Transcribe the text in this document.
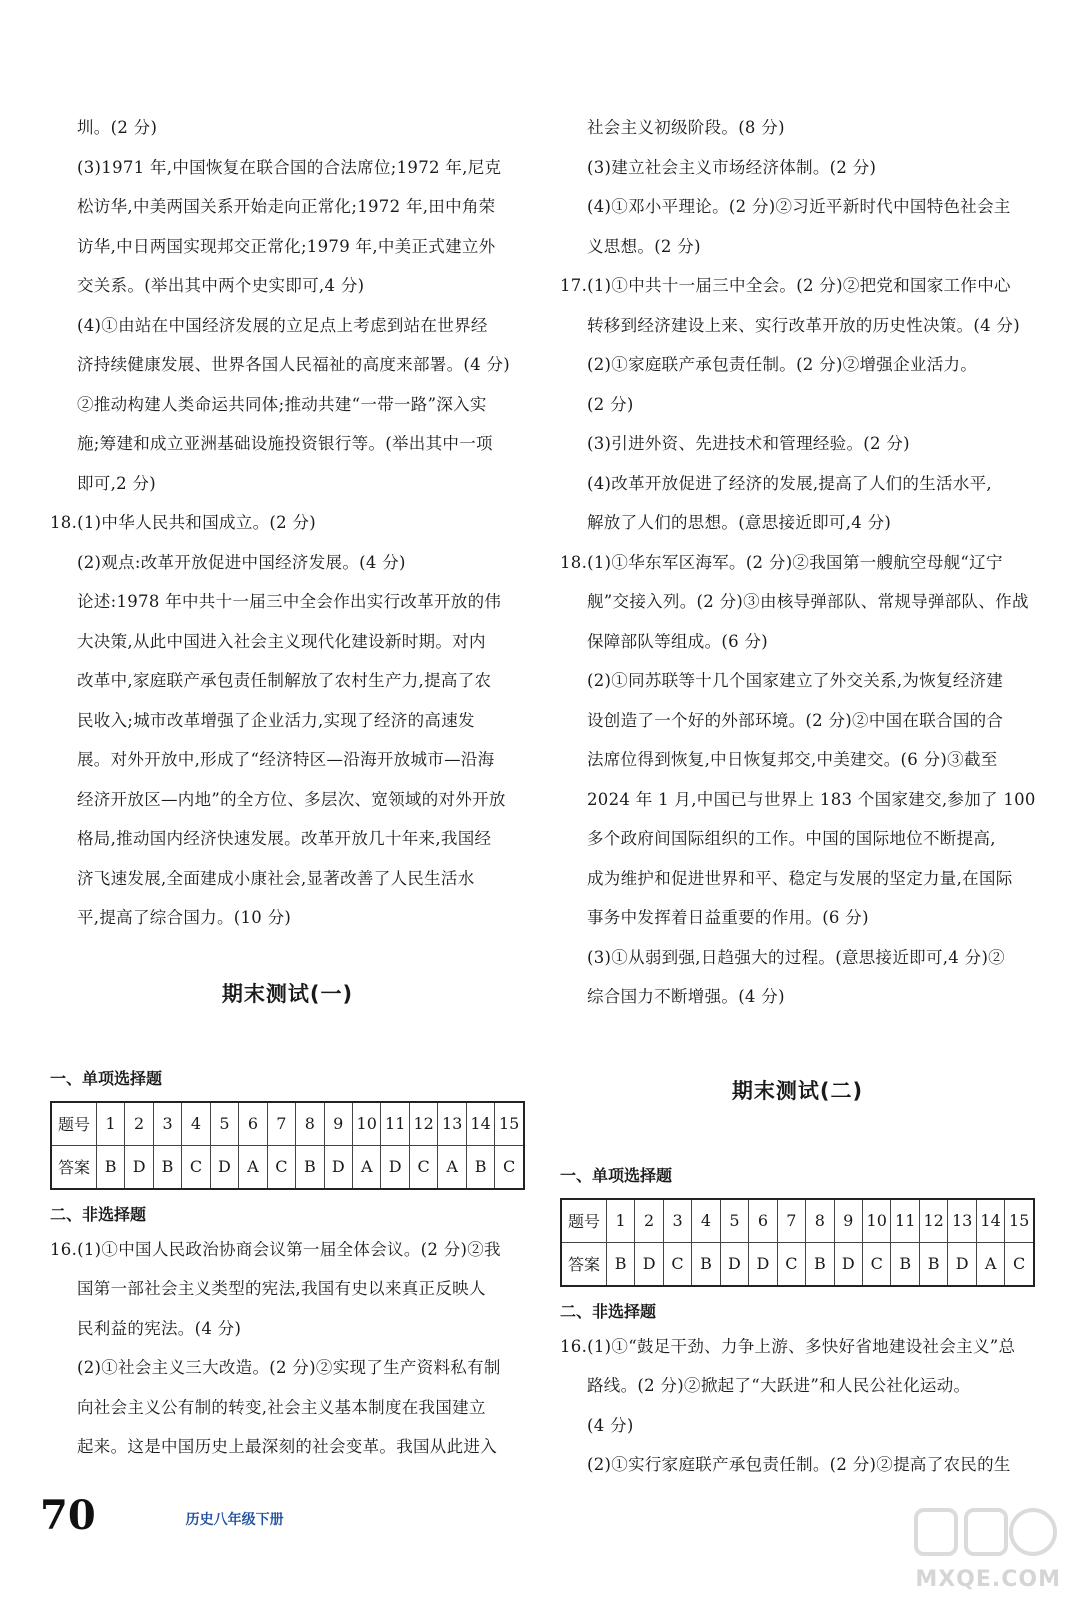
圳。(2 分)
(3)1971 年,中国恢复在联合国的合法席位;1972 年,尼克
松访华,中美两国关系开始走向正常化;1972 年,田中角荣
访华,中日两国实现邦交正常化;1979 年,中美正式建立外
交关系。(举出其中两个史实即可,4 分)
(4)①由站在中国经济发展的立足点上考虑到站在世界经
济持续健康发展、世界各国人民福祉的高度来部署。(4 分)
②推动构建人类命运共同体;推动共建“一带一路”深入实
施;筹建和成立亚洲基础设施投资银行等。(举出其中一项
即可,2 分)
18.(1)中华人民共和国成立。(2 分)
(2)观点:改革开放促进中国经济发展。(4 分)
论述:1978 年中共十一届三中全会作出实行改革开放的伟
大决策,从此中国进入社会主义现代化建设新时期。对内
改革中,家庭联产承包责任制解放了农村生产力,提高了农
民收入;城市改革增强了企业活力,实现了经济的高速发
展。对外开放中,形成了“经济特区—沿海开放城市—沿海
经济开放区—内地”的全方位、多层次、宽领域的对外开放
格局,推动国内经济快速发展。改革开放几十年来,我国经
济飞速发展,全面建成小康社会,显著改善了人民生活水
平,提高了综合国力。(10 分)
期末测试(一)
一、单项选择题
题号	1	2	3	4	5	6	7	8	9	10	11	12	13	14	15
答案	B	D	B	C	D	A	C	B	D	A	D	C	A	B	C
二、非选择题
16.(1)①中国人民政治协商会议第一届全体会议。(2 分)②我
国第一部社会主义类型的宪法,我国有史以来真正反映人
民利益的宪法。(4 分)
(2)①社会主义三大改造。(2 分)②实现了生产资料私有制
向社会主义公有制的转变,社会主义基本制度在我国建立
起来。这是中国历史上最深刻的社会变革。我国从此进入
社会主义初级阶段。(8 分)
(3)建立社会主义市场经济体制。(2 分)
(4)①邓小平理论。(2 分)②习近平新时代中国特色社会主
义思想。(2 分)
17.(1)①中共十一届三中全会。(2 分)②把党和国家工作中心
转移到经济建设上来、实行改革开放的历史性决策。(4 分)
(2)①家庭联产承包责任制。(2 分)②增强企业活力。
(2 分)
(3)引进外资、先进技术和管理经验。(2 分)
(4)改革开放促进了经济的发展,提高了人们的生活水平,
解放了人们的思想。(意思接近即可,4 分)
18.(1)①华东军区海军。(2 分)②我国第一艘航空母舰“辽宁
舰”交接入列。(2 分)③由核导弹部队、常规导弹部队、作战
保障部队等组成。(6 分)
(2)①同苏联等十几个国家建立了外交关系,为恢复经济建
设创造了一个好的外部环境。(2 分)②中国在联合国的合
法席位得到恢复,中日恢复邦交,中美建交。(6 分)③截至
2024 年 1 月,中国已与世界上 183 个国家建交,参加了 100
多个政府间国际组织的工作。中国的国际地位不断提高,
成为维护和促进世界和平、稳定与发展的坚定力量,在国际
事务中发挥着日益重要的作用。(6 分)
(3)①从弱到强,日趋强大的过程。(意思接近即可,4 分)②
综合国力不断增强。(4 分)
期末测试(二)
一、单项选择题
题号	1	2	3	4	5	6	7	8	9	10	11	12	13	14	15
答案	B	D	C	B	D	D	C	B	D	C	B	B	D	A	C
二、非选择题
16.(1)①“鼓足干劲、力争上游、多快好省地建设社会主义”总
路线。(2 分)②掀起了“大跃进”和人民公社化运动。
(4 分)
(2)①实行家庭联产承包责任制。(2 分)②提高了农民的生
70	历史八年级下册
MXQE.COM
